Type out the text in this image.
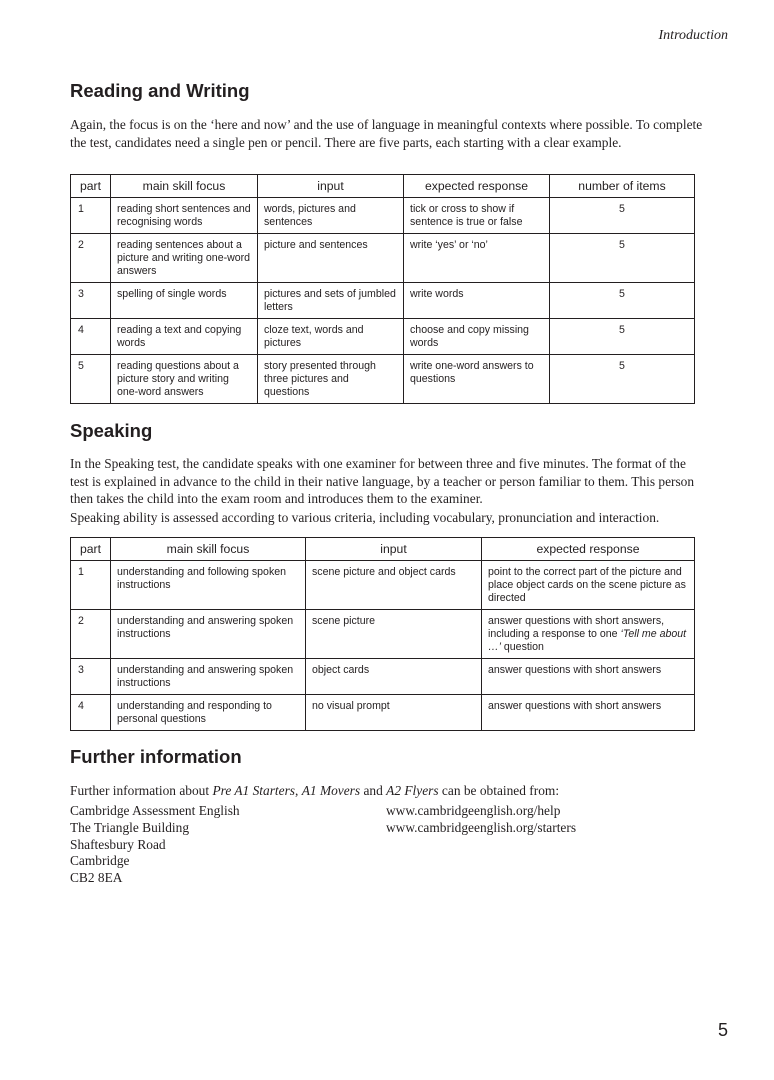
Introduction
Reading and Writing

Again, the focus is on the ‘here and now’ and the use of language in meaningful contexts where possible. To complete the test, candidates need a single pen or pencil. There are five parts, each starting with a clear example.

part	main skill focus	input	expected response	number of items
1	reading short sentences and recognising words	words, pictures and sentences	tick or cross to show if sentence is true or false	5
2	reading sentences about a picture and writing one-word answers	picture and sentences	write ‘yes’ or ‘no’	5
3	spelling of single words	pictures and sets of jumbled letters	write words	5
4	reading a text and copying words	cloze text, words and pictures	choose and copy missing words	5
5	reading questions about a picture story and writing one-word answers	story presented through three pictures and questions	write one-word answers to questions	5
Speaking

In the Speaking test, the candidate speaks with one examiner for between three and five minutes. The format of the test is explained in advance to the child in their native language, by a teacher or person familiar to them. This person then takes the child into the exam room and introduces them to the examiner.

Speaking ability is assessed according to various criteria, including vocabulary, pronunciation and interaction.

part	main skill focus	input	expected response
1	understanding and following spoken instructions	scene picture and object cards	point to the correct part of the picture and place object cards on the scene picture as directed
2	understanding and answering spoken instructions	scene picture	answer questions with short answers, including a response to one ‘Tell me about …’ question
3	understanding and answering spoken instructions	object cards	answer questions with short answers
4	understanding and responding to personal questions	no visual prompt	answer questions with short answers
Further information

Further information about Pre A1 Starters, A1 Movers and A2 Flyers can be obtained from:

Cambridge Assessment English
The Triangle Building
Shaftesbury Road
Cambridge
CB2 8EA
www.cambridgeenglish.org/help
www.cambridgeenglish.org/starters
5
